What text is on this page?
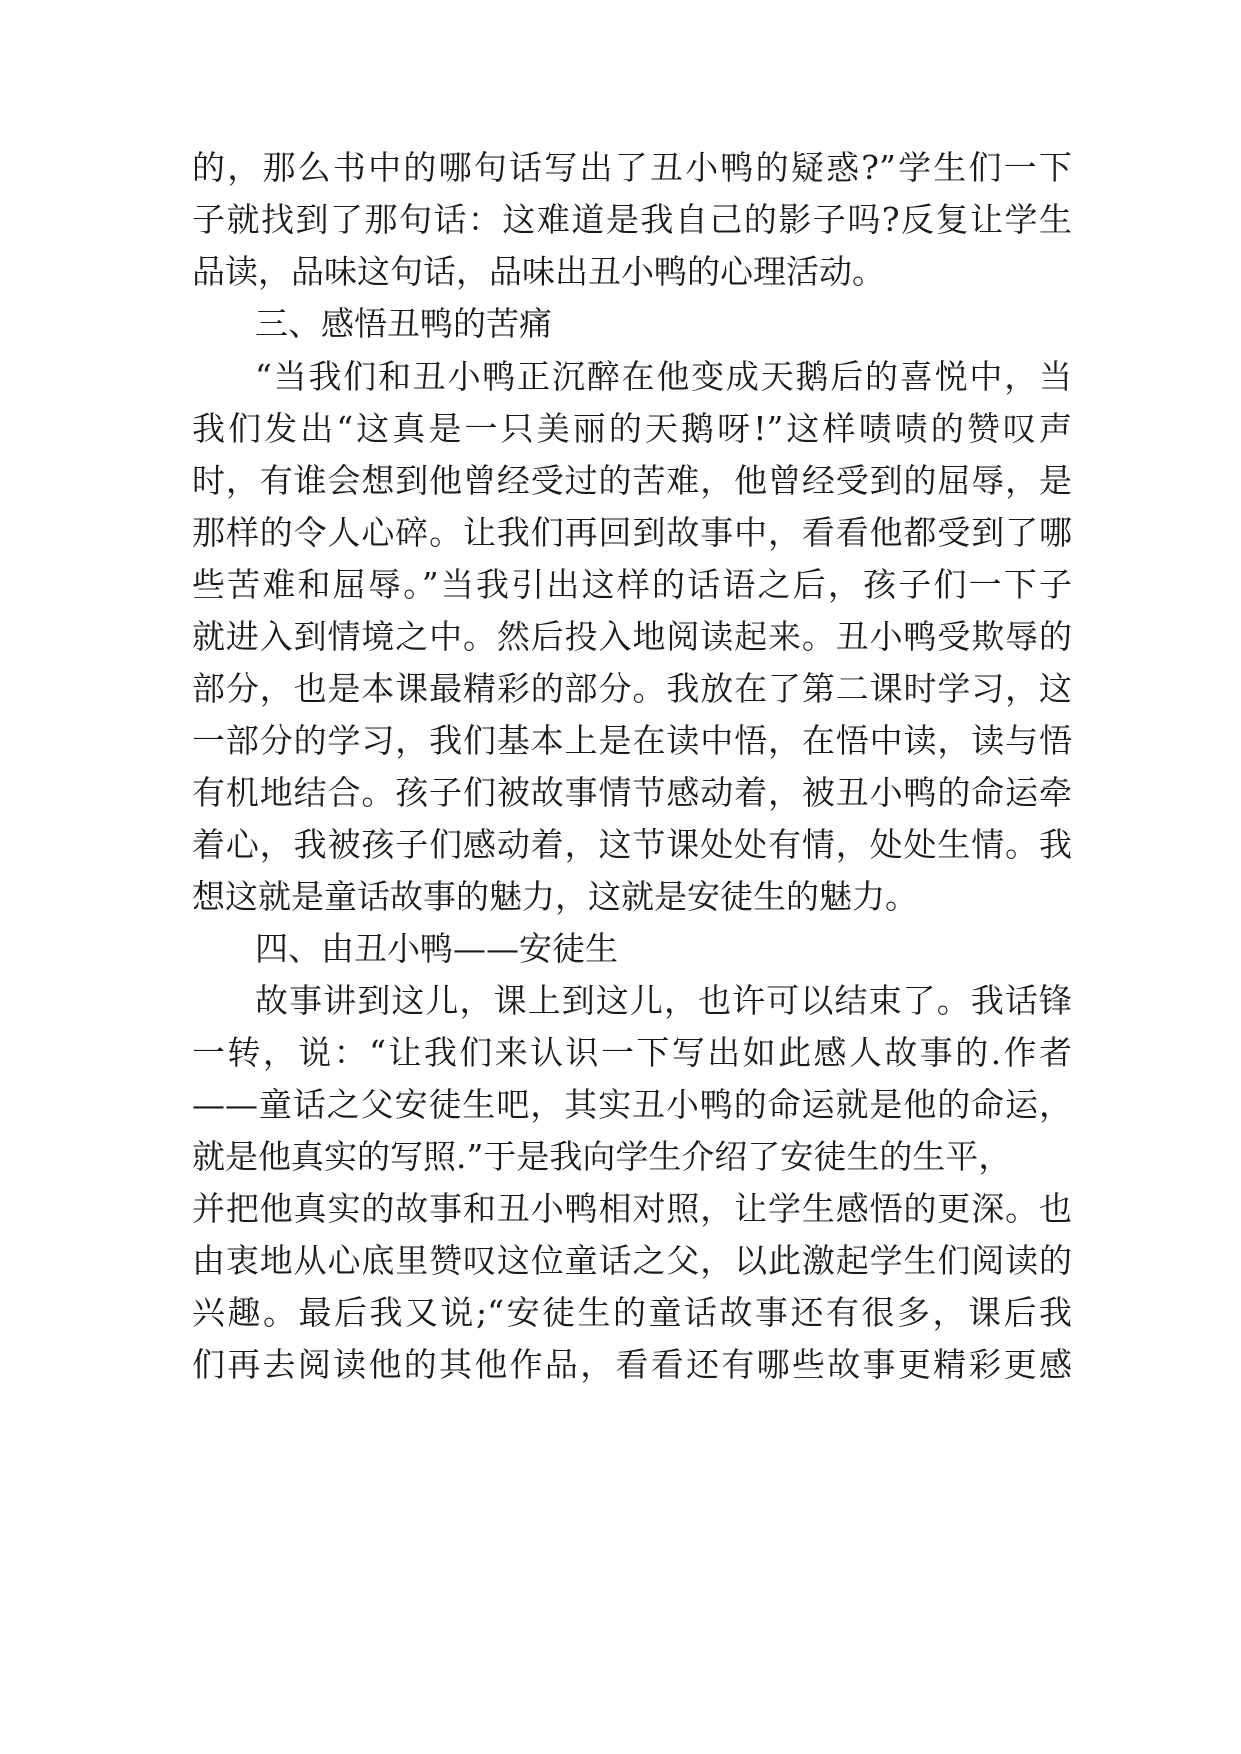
的，那么书中的哪句话写出了丑小鸭的疑惑?”学生们一下
子就找到了那句话：这难道是我自己的影子吗?反复让学生
品读，品味这句话，品味出丑小鸭的心理活动。
三、感悟丑鸭的苦痛
“当我们和丑小鸭正沉醉在他变成天鹅后的喜悦中，当
我们发出“这真是一只美丽的天鹅呀!”这样啧啧的赞叹声
时，有谁会想到他曾经受过的苦难，他曾经受到的屈辱，是
那样的令人心碎。让我们再回到故事中，看看他都受到了哪
些苦难和屈辱。”当我引出这样的话语之后，孩子们一下子
就进入到情境之中。然后投入地阅读起来。丑小鸭受欺辱的
部分，也是本课最精彩的部分。我放在了第二课时学习，这
一部分的学习，我们基本上是在读中悟，在悟中读，读与悟
有机地结合。孩子们被故事情节感动着，被丑小鸭的命运牵
着心，我被孩子们感动着，这节课处处有情，处处生情。我
想这就是童话故事的魅力，这就是安徒生的魅力。
四、由丑小鸭——安徒生
故事讲到这儿，课上到这儿，也许可以结束了。我话锋
一转，说：“让我们来认识一下写出如此感人故事的.作者
——童话之父安徒生吧，其实丑小鸭的命运就是他的命运，
就是他真实的写照.”于是我向学生介绍了安徒生的生平，
并把他真实的故事和丑小鸭相对照，让学生感悟的更深。也
由衷地从心底里赞叹这位童话之父，以此激起学生们阅读的
兴趣。最后我又说;“安徒生的童话故事还有很多，课后我
们再去阅读他的其他作品，看看还有哪些故事更精彩更感
